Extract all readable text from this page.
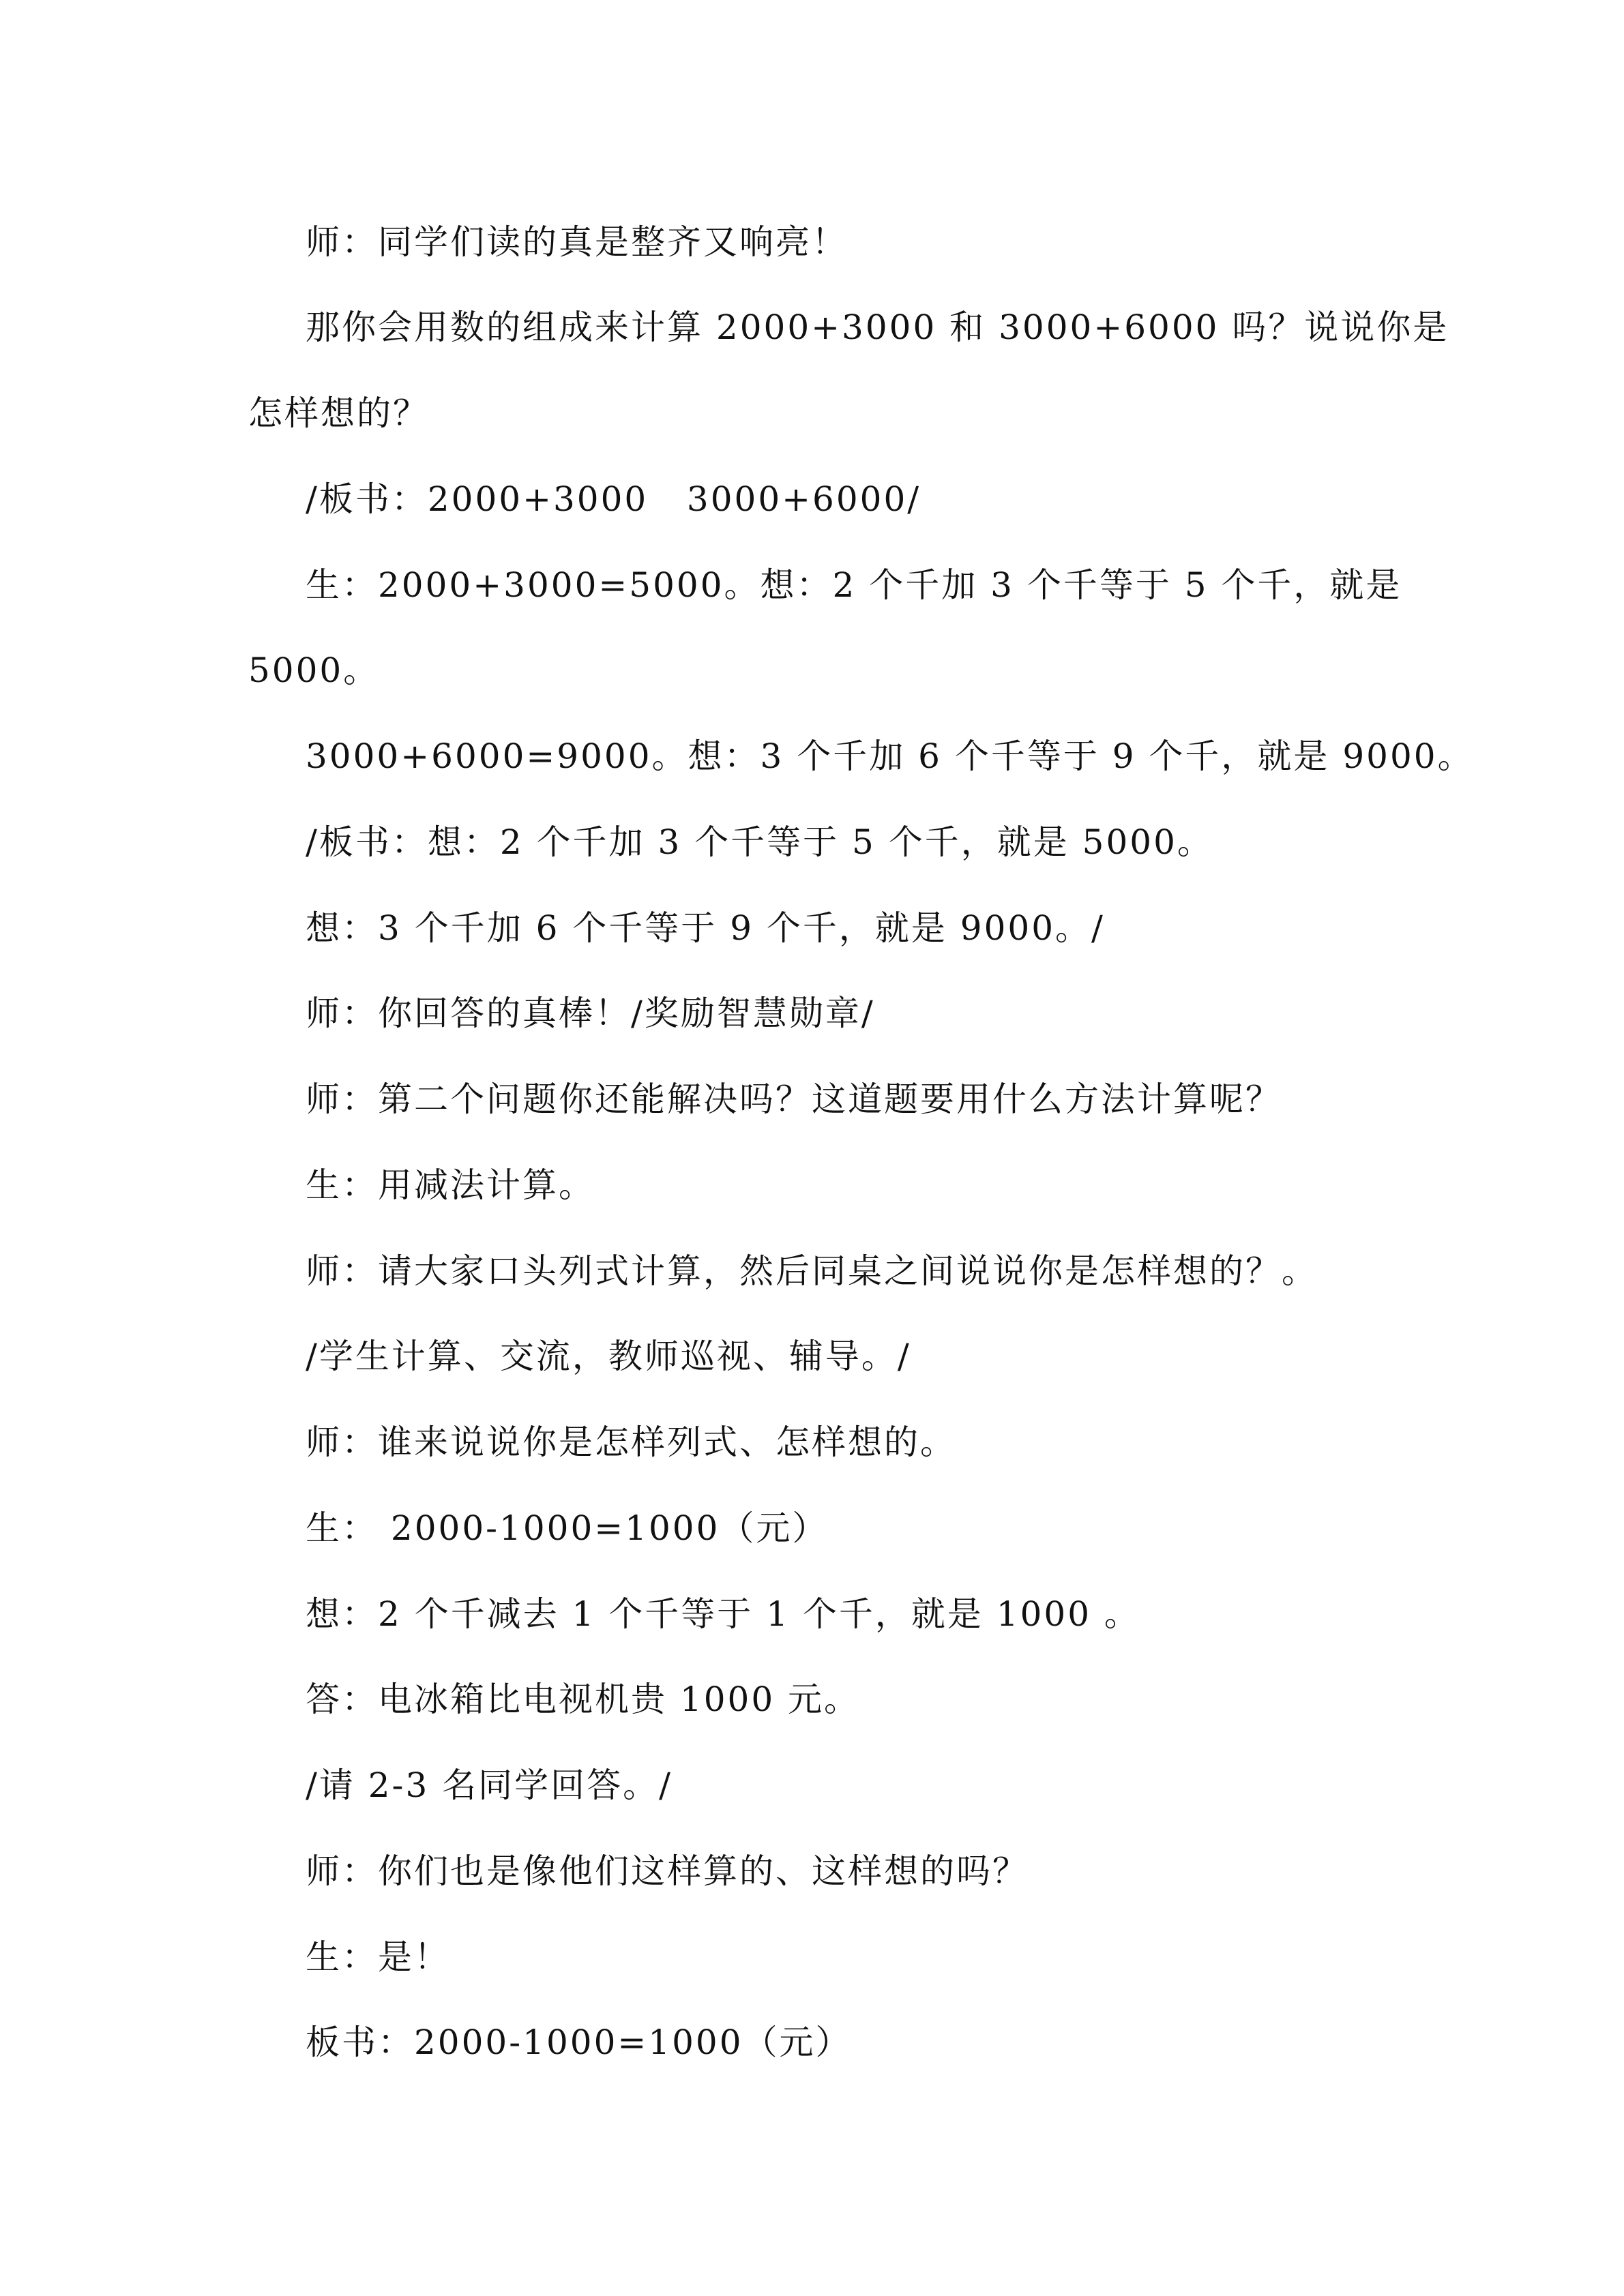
师：同学们读的真是整齐又响亮！
那你会用数的组成来计算 2000+3000 和 3000+6000 吗？说说你是
怎样想的？
/板书：2000+3000   3000+6000/
生：2000+3000=5000。想：2 个千加 3 个千等于 5 个千，就是
5000。
3000+6000=9000。想：3 个千加 6 个千等于 9 个千，就是 9000。
/板书：想：2 个千加 3 个千等于 5 个千，就是 5000。
想：3 个千加 6 个千等于 9 个千，就是 9000。/
师：你回答的真棒！/奖励智慧勋章/
师：第二个问题你还能解决吗？这道题要用什么方法计算呢？
生：用减法计算。
师：请大家口头列式计算，然后同桌之间说说你是怎样想的？。
/学生计算、交流，教师巡视、辅导。/
师：谁来说说你是怎样列式、怎样想的。
生： 2000-1000=1000（元）
想：2 个千减去 1 个千等于 1 个千，就是 1000 。
答：电冰箱比电视机贵 1000 元。
/请 2-3 名同学回答。/
师：你们也是像他们这样算的、这样想的吗？
生：是！
板书：2000-1000=1000（元）
